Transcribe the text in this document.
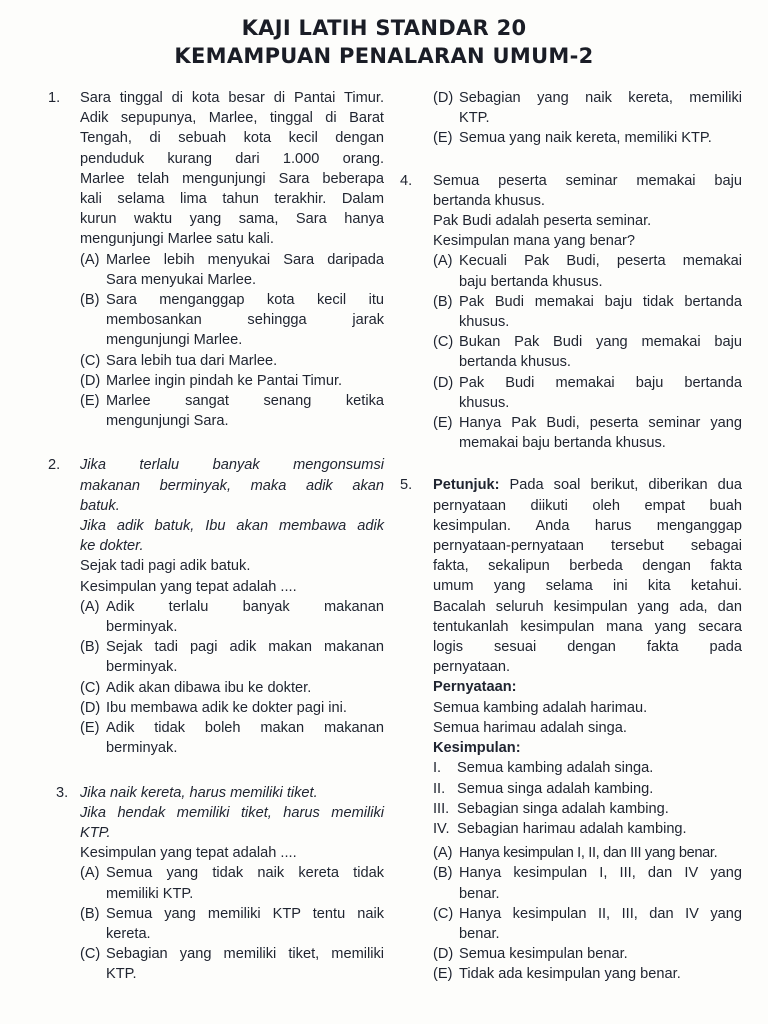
KAJI LATIH STANDAR 20
KEMAMPUAN PENALARAN UMUM-2
1. Sara tinggal di kota besar di Pantai Timur.
Adik sepupunya, Marlee, tinggal di Barat
Tengah, di sebuah kota kecil dengan
penduduk kurang dari 1.000 orang.
Marlee telah mengunjungi Sara beberapa
kali selama lima tahun terakhir. Dalam
kurun waktu yang sama, Sara hanya
mengunjungi Marlee satu kali.
(A) Marlee lebih menyukai Sara daripada
Sara menyukai Marlee.
(B) Sara menganggap kota kecil itu
membosankan sehingga jarak
mengunjungi Marlee.
(C) Sara lebih tua dari Marlee.
(D) Marlee ingin pindah ke Pantai Timur.
(E) Marlee sangat senang ketika
mengunjungi Sara.
2. Jika terlalu banyak mengonsumsi
makanan berminyak, maka adik akan
batuk.
Jika adik batuk, Ibu akan membawa adik
ke dokter.
Sejak tadi pagi adik batuk.
Kesimpulan yang tepat adalah ....
(A) Adik terlalu banyak makanan
berminyak.
(B) Sejak tadi pagi adik makan makanan
berminyak.
(C) Adik akan dibawa ibu ke dokter.
(D) Ibu membawa adik ke dokter pagi ini.
(E) Adik tidak boleh makan makanan
berminyak.
3. Jika naik kereta, harus memiliki tiket.
Jika hendak memiliki tiket, harus memiliki
KTP.
Kesimpulan yang tepat adalah ....
(A) Semua yang tidak naik kereta tidak
memiliki KTP.
(B) Semua yang memiliki KTP tentu naik
kereta.
(C) Sebagian yang memiliki tiket, memiliki
KTP.
(D) Sebagian yang naik kereta, memiliki
KTP.
(E) Semua yang naik kereta, memiliki KTP.
4. Semua peserta seminar memakai baju
bertanda khusus.
Pak Budi adalah peserta seminar.
Kesimpulan mana yang benar?
(A) Kecuali Pak Budi, peserta memakai
baju bertanda khusus.
(B) Pak Budi memakai baju tidak bertanda
khusus.
(C) Bukan Pak Budi yang memakai baju
bertanda khusus.
(D) Pak Budi memakai baju bertanda
khusus.
(E) Hanya Pak Budi, peserta seminar yang
memakai baju bertanda khusus.
5. Petunjuk: Pada soal berikut, diberikan dua
pernyataan diikuti oleh empat buah
kesimpulan. Anda harus menganggap
pernyataan-pernyataan tersebut sebagai
fakta, sekalipun berbeda dengan fakta
umum yang selama ini kita ketahui.
Bacalah seluruh kesimpulan yang ada, dan
tentukanlah kesimpulan mana yang secara
logis sesuai dengan fakta pada
pernyataan.
Pernyataan:
Semua kambing adalah harimau.
Semua harimau adalah singa.
Kesimpulan:
I. Semua kambing adalah singa.
II. Semua singa adalah kambing.
III. Sebagian singa adalah kambing.
IV. Sebagian harimau adalah kambing.
(A) Hanya kesimpulan I, II, dan III yang benar.
(B) Hanya kesimpulan I, III, dan IV yang
benar.
(C) Hanya kesimpulan II, III, dan IV yang
benar.
(D) Semua kesimpulan benar.
(E) Tidak ada kesimpulan yang benar.
